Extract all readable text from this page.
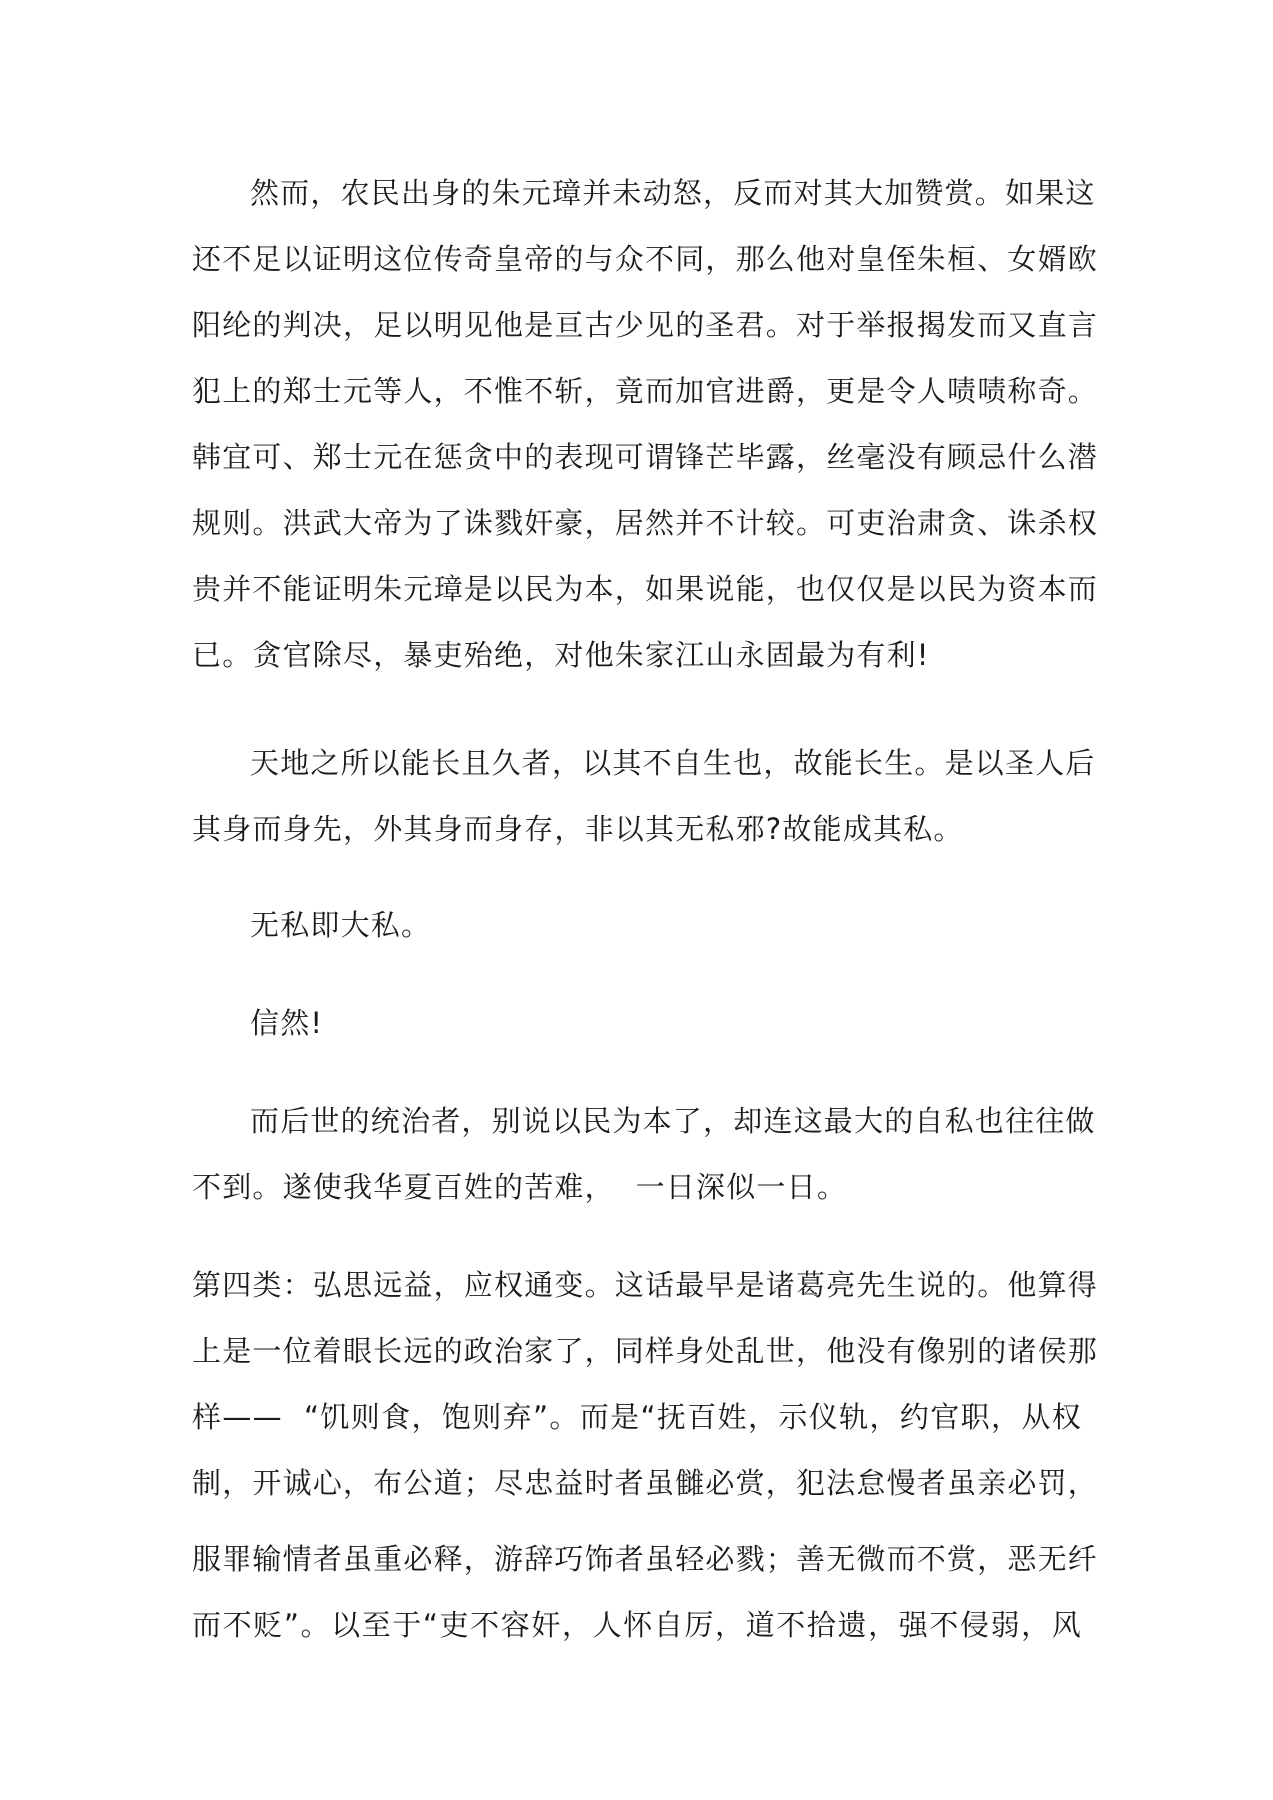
然而，农民出身的朱元璋并未动怒，反而对其大加赞赏。如果这
还不足以证明这位传奇皇帝的与众不同，那么他对皇侄朱桓、女婿欧
阳纶的判决，足以明见他是亘古少见的圣君。对于举报揭发而又直言
犯上的郑士元等人，不惟不斩，竟而加官进爵，更是令人啧啧称奇。
韩宜可、郑士元在惩贪中的表现可谓锋芒毕露，丝毫没有顾忌什么潜
规则。洪武大帝为了诛戮奸豪，居然并不计较。可吏治肃贪、诛杀权
贵并不能证明朱元璋是以民为本，如果说能，也仅仅是以民为资本而
已。贪官除尽，暴吏殆绝，对他朱家江山永固最为有利!
天地之所以能长且久者，以其不自生也，故能长生。是以圣人后
其身而身先，外其身而身存，非以其无私邪?故能成其私。
无私即大私。
信然!
而后世的统治者，别说以民为本了，却连这最大的自私也往往做
不到。遂使我华夏百姓的苦难，  一日深似一日。
第四类：弘思远益，应权通变。这话最早是诸葛亮先生说的。他算得
上是一位着眼长远的政治家了，同样身处乱世，他没有像别的诸侯那
样——  “饥则食，饱则弃”。而是“抚百姓，示仪轨，约官职，从权
制，开诚心，布公道；尽忠益时者虽雠必赏，犯法怠慢者虽亲必罚，
服罪输情者虽重必释，游辞巧饰者虽轻必戮；善无微而不赏，恶无纤
而不贬”。以至于“吏不容奸，人怀自厉，道不拾遗，强不侵弱，风
